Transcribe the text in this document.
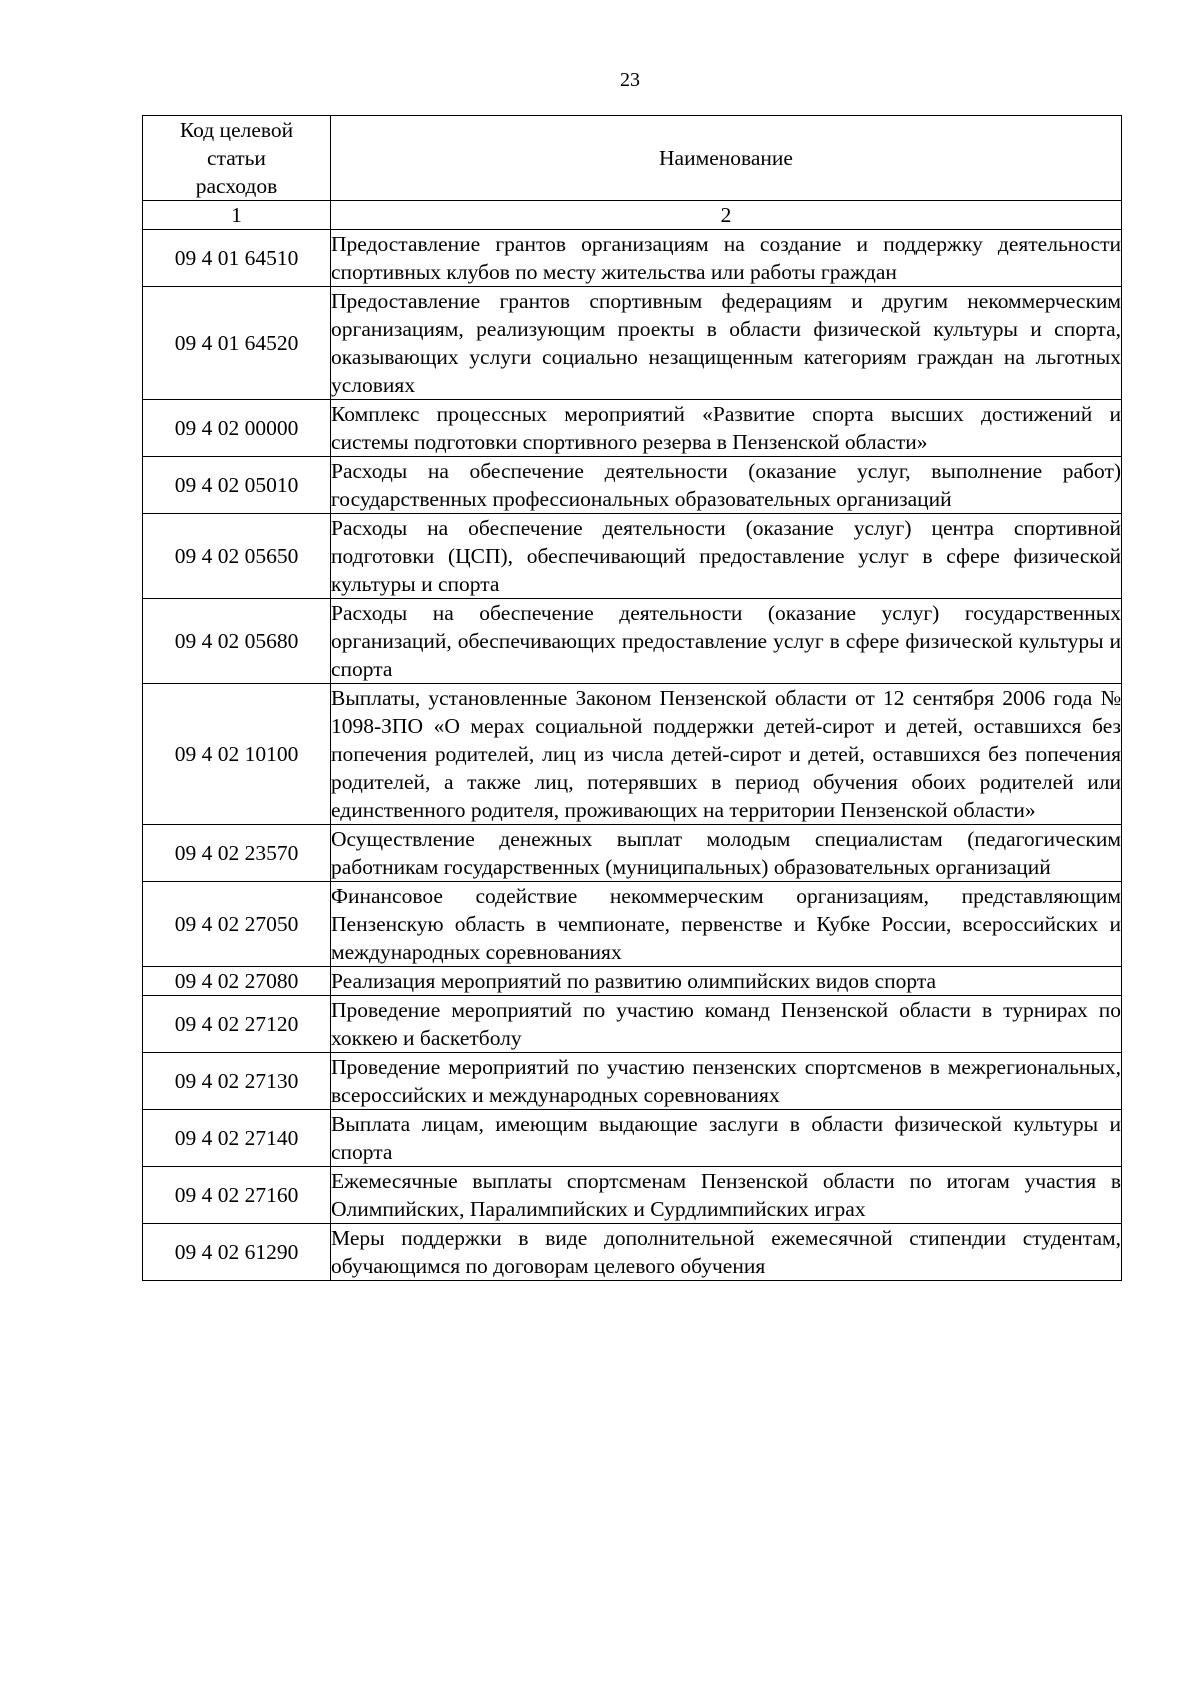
23
Код целевой
статьи
расходов	Наименование
1	2
09 4 01 64510	Предоставление грантов организациям на создание и поддержку деятельности спортивных клубов по месту жительства или работы граждан
09 4 01 64520	Предоставление грантов спортивным федерациям и другим некоммерческим организациям, реализующим проекты в области физической культуры и спорта, оказывающих услуги социально незащищенным категориям граждан на льготных условиях
09 4 02 00000	Комплекс процессных мероприятий «Развитие спорта высших достижений и системы подготовки спортивного резерва в Пензенской области»
09 4 02 05010	Расходы на обеспечение деятельности (оказание услуг, выполнение работ) государственных профессиональных образовательных организаций
09 4 02 05650	Расходы на обеспечение деятельности (оказание услуг) центра спортивной подготовки (ЦСП), обеспечивающий предоставление услуг в сфере физической культуры и спорта
09 4 02 05680	Расходы на обеспечение деятельности (оказание услуг) государственных организаций, обеспечивающих предоставление услуг в сфере физической культуры и спорта
09 4 02 10100	Выплаты, установленные Законом Пензенской области от 12 сентября 2006 года № 1098-ЗПО «О мерах социальной поддержки детей-сирот и детей, оставшихся без попечения родителей, лиц из числа детей-сирот и детей, оставшихся без попечения родителей, а также лиц, потерявших в период обучения обоих родителей или единственного родителя, проживающих на территории Пензенской области»
09 4 02 23570	Осуществление денежных выплат молодым специалистам (педагогическим работникам государственных (муниципальных) образовательных организаций
09 4 02 27050	Финансовое содействие некоммерческим организациям, представляющим Пензенскую область в чемпионате, первенстве и Кубке России, всероссийских и международных соревнованиях
09 4 02 27080	Реализация мероприятий по развитию олимпийских видов спорта
09 4 02 27120	Проведение мероприятий по участию команд Пензенской области в турнирах по хоккею и баскетболу
09 4 02 27130	Проведение мероприятий по участию пензенских спортсменов в межрегиональных, всероссийских и международных соревнованиях
09 4 02 27140	Выплата лицам, имеющим выдающие заслуги в области физической культуры и спорта
09 4 02 27160	Ежемесячные выплаты спортсменам Пензенской области по итогам участия в Олимпийских, Паралимпийских и Сурдлимпийских играх
09 4 02 61290	Меры поддержки в виде дополнительной ежемесячной стипендии студентам, обучающимся по договорам целевого обучения
